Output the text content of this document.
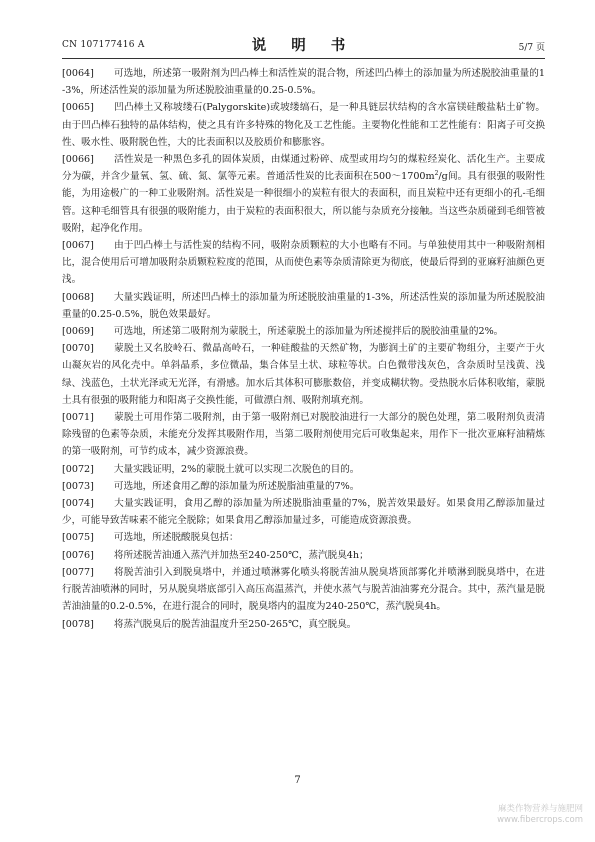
CN 107177416 A	说 明 书	5/7 页

[0064] 可选地，所述第一吸附剂为凹凸棒土和活性炭的混合物，所述凹凸棒土的添加量为所述脱胶油重量的1-3%，所述活性炭的添加量为所述脱胶油重量的0.25-0.5%。

[0065] 凹凸棒土又称坡缕石(Palygorskite)或坡缕缟石，是一种具链层状结构的含水富镁硅酸盐粘土矿物。由于凹凸棒石独特的晶体结构，使之具有许多特殊的物化及工艺性能。主要物化性能和工艺性能有：阳离子可交换性、吸水性、吸附脱色性，大的比表面积以及胶质价和膨胀容。

[0066] 活性炭是一种黑色多孔的固体炭质，由煤通过粉碎、成型或用均匀的煤粒经炭化、活化生产。主要成分为碳，并含少量氧、氢、硫、氮、氯等元素。普通活性炭的比表面积在$500\sim 1700m^2/g$间。具有很强的吸附性能，为用途极广的一种工业吸附剂。活性炭是一种很细小的炭粒有很大的表面积，而且炭粒中还有更细小的孔-毛细管。这种毛细管具有很强的吸附能力，由于炭粒的表面积很大，所以能与杂质充分接触。当这些杂质碰到毛细管被吸附，起净化作用。

[0067] 由于凹凸棒土与活性炭的结构不同，吸附杂质颗粒的大小也略有不同。与单独使用其中一种吸附剂相比，混合使用后可增加吸附杂质颗粒粒度的范围，从而使色素等杂质清除更为彻底，使最后得到的亚麻籽油颜色更浅。

[0068] 大量实践证明，所述凹凸棒土的添加量为所述脱胶油重量的1-3%，所述活性炭的添加量为所述脱胶油重量的0.25-0.5%，脱色效果最好。

[0069] 可选地，所述第二吸附剂为蒙脱土，所述蒙脱土的添加量为所述搅拌后的脱胶油重量的2%。

[0070] 蒙脱土又名胶岭石、微晶高岭石，一种硅酸盐的天然矿物，为膨润土矿的主要矿物组分，主要产于火山凝灰岩的风化壳中。单斜晶系，多位微晶，集合体呈土状、球粒等状。白色微带浅灰色，含杂质时呈浅黄、浅绿、浅蓝色，土状光泽或无光泽，有滑感。加水后其体积可膨胀数倍，并变成糊状物。受热脱水后体积收缩，蒙脱土具有很强的吸附能力和阳离子交换性能，可做漂白剂、吸附剂填充剂。

[0071] 蒙脱土可用作第二吸附剂，由于第一吸附剂已对脱胶油进行一大部分的脱色处理，第二吸附剂负责清除残留的色素等杂质，未能充分发挥其吸附作用，当第二吸附剂使用完后可收集起来，用作下一批次亚麻籽油精炼的第一吸附剂，可节约成本，减少资源浪费。

[0072] 大量实践证明，2%的蒙脱土就可以实现二次脱色的目的。

[0073] 可选地，所述食用乙醇的添加量为所述脱脂油重量的7%。

[0074] 大量实践证明，食用乙醇的添加量为所述脱脂油重量的7%，脱苦效果最好。如果食用乙醇添加量过少，可能导致苦味素不能完全脱除；如果食用乙醇添加量过多，可能造成资源浪费。

[0075] 可选地，所述脱酸脱臭包括：

[0076] 将所述脱苦油通入蒸汽并加热至240-250℃，蒸汽脱臭4h；

[0077] 将脱苦油引入到脱臭塔中，并通过喷淋雾化喷头将脱苦油从脱臭塔顶部雾化并喷淋到脱臭塔中，在进行脱苦油喷淋的同时，另从脱臭塔底部引入高压高温蒸汽，并使水蒸气与脱苦油油雾充分混合。其中，蒸汽量是脱苦油油量的0.2-0.5%，在进行混合的同时，脱臭塔内的温度为240-250℃，蒸汽脱臭4h。

[0078] 将蒸汽脱臭后的脱苦油温度升至250-265℃，真空脱臭。

7
麻类作物营养与施肥网
www.fibercrops.com
